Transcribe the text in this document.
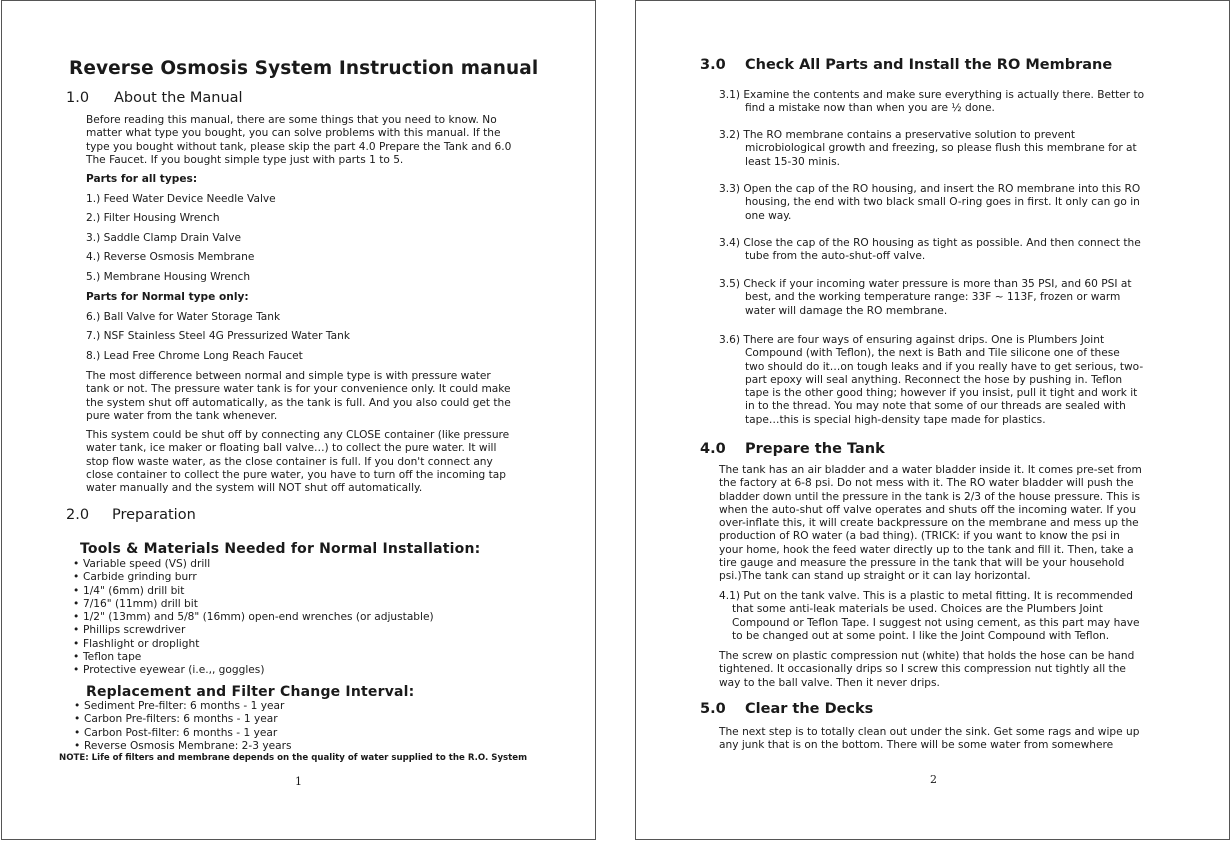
Reverse Osmosis System Instruction manual
1.0 About the Manual
Before reading this manual, there are some things that you need to know. No
matter what type you bought, you can solve problems with this manual. If the
type you bought without tank, please skip the part 4.0 Prepare the Tank and 6.0
The Faucet. If you bought simple type just with parts 1 to 5.
Parts for all types:
1.) Feed Water Device Needle Valve
2.) Filter Housing Wrench
3.) Saddle Clamp Drain Valve
4.) Reverse Osmosis Membrane
5.) Membrane Housing Wrench
Parts for Normal type only:
6.) Ball Valve for Water Storage Tank
7.) NSF Stainless Steel 4G Pressurized Water Tank
8.) Lead Free Chrome Long Reach Faucet
The most difference between normal and simple type is with pressure water
tank or not. The pressure water tank is for your convenience only. It could make
the system shut off automatically, as the tank is full. And you also could get the
pure water from the tank whenever.
This system could be shut off by connecting any CLOSE container (like pressure
water tank, ice maker or floating ball valve…) to collect the pure water. It will
stop flow waste water, as the close container is full. If you don't connect any
close container to collect the pure water, you have to turn off the incoming tap
water manually and the system will NOT shut off automatically.
2.0 Preparation
Tools & Materials Needed for Normal Installation:
• Variable speed (VS) drill
• Carbide grinding burr
• 1/4" (6mm) drill bit
• 7/16" (11mm) drill bit
• 1/2" (13mm) and 5/8" (16mm) open-end wrenches (or adjustable)
• Phillips screwdriver
• Flashlight or droplight
• Teflon tape
• Protective eyewear (i.e.,, goggles)
Replacement and Filter Change Interval:
• Sediment Pre-filter: 6 months - 1 year
• Carbon Pre-filters: 6 months - 1 year
• Carbon Post-filter: 6 months - 1 year
• Reverse Osmosis Membrane: 2-3 years
NOTE: Life of filters and membrane depends on the quality of water supplied to the R.O. System
1
3.0 Check All Parts and Install the RO Membrane
3.1) Examine the contents and make sure everything is actually there. Better to
find a mistake now than when you are ½ done.
3.2) The RO membrane contains a preservative solution to prevent
microbiological growth and freezing, so please flush this membrane for at
least 15-30 minis.
3.3) Open the cap of the RO housing, and insert the RO membrane into this RO
housing, the end with two black small O-ring goes in first. It only can go in
one way.
3.4) Close the cap of the RO housing as tight as possible. And then connect the
tube from the auto-shut-off valve.
3.5) Check if your incoming water pressure is more than 35 PSI, and 60 PSI at
best, and the working temperature range: 33F ~ 113F, frozen or warm
water will damage the RO membrane.
3.6) There are four ways of ensuring against drips. One is Plumbers Joint
Compound (with Teflon), the next is Bath and Tile silicone one of these
two should do it…on tough leaks and if you really have to get serious, two-
part epoxy will seal anything. Reconnect the hose by pushing in. Teflon
tape is the other good thing; however if you insist, pull it tight and work it
in to the thread. You may note that some of our threads are sealed with
tape…this is special high-density tape made for plastics.
4.0 Prepare the Tank
The tank has an air bladder and a water bladder inside it. It comes pre-set from
the factory at 6-8 psi. Do not mess with it. The RO water bladder will push the
bladder down until the pressure in the tank is 2/3 of the house pressure. This is
when the auto-shut off valve operates and shuts off the incoming water. If you
over-inflate this, it will create backpressure on the membrane and mess up the
production of RO water (a bad thing). (TRICK: if you want to know the psi in
your home, hook the feed water directly up to the tank and fill it. Then, take a
tire gauge and measure the pressure in the tank that will be your household
psi.)The tank can stand up straight or it can lay horizontal.
4.1) Put on the tank valve. This is a plastic to metal fitting. It is recommended
that some anti-leak materials be used. Choices are the Plumbers Joint
Compound or Teflon Tape. I suggest not using cement, as this part may have
to be changed out at some point. I like the Joint Compound with Teflon.
The screw on plastic compression nut (white) that holds the hose can be hand
tightened. It occasionally drips so I screw this compression nut tightly all the
way to the ball valve. Then it never drips.
5.0 Clear the Decks
The next step is to totally clean out under the sink. Get some rags and wipe up
any junk that is on the bottom. There will be some water from somewhere
2
